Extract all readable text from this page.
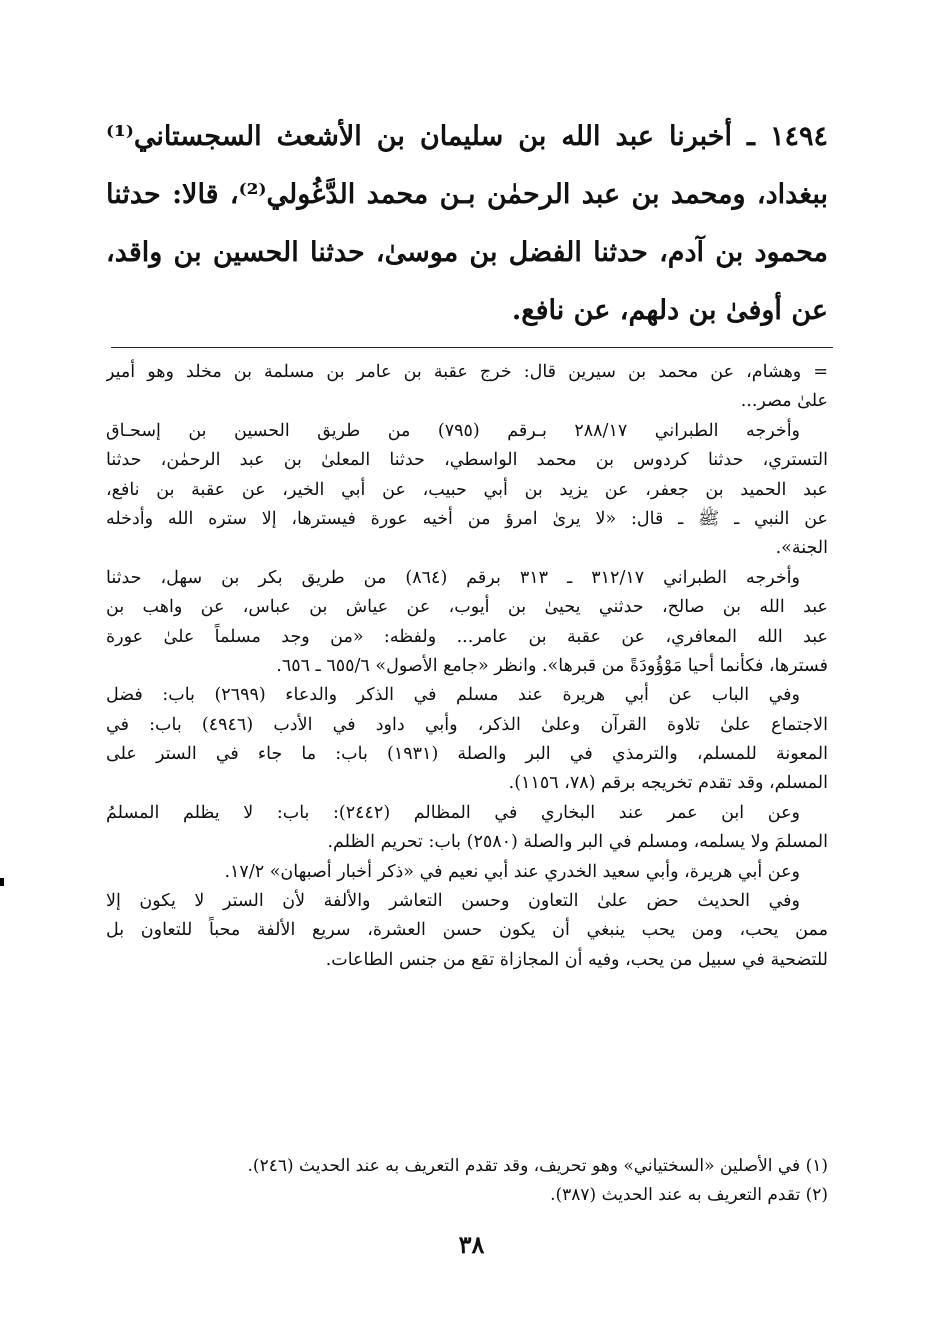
١٤٩٤ ـ أخبرنا عبد الله بن سليمان بن الأشعث السجستاني⁽¹⁾
ببغداد، ومحمد بن عبد الرحمٰن بـن محمد الدَّغُولي⁽²⁾، قالا: حدثنا
محمود بن آدم، حدثنا الفضل بن موسىٰ، حدثنا الحسين بن واقد،
عن أوفىٰ بن دلهم، عن نافع.
= وهشام، عن محمد بن سيرين قال: خرج عقبة بن عامر بن مسلمة بن مخلد وهو أمير
علىٰ مصر...
وأخرجه الطبراني ٢٨٨/١٧ بـرقم (٧٩٥) من طريق الحسين بن إسحـاق
التستري، حدثنا كردوس بن محمد الواسطي، حدثنا المعلىٰ بن عبد الرحمٰن، حدثنا
عبد الحميد بن جعفر، عن يزيد بن أبي حبيب، عن أبي الخير، عن عقبة بن نافع،
عن النبي ـ ﷺ ـ قال: «لا يرىٰ امرؤ من أخيه عورة فيسترها، إلا ستره الله وأدخله
الجنة».
وأخرجه الطبراني ٣١٢/١٧ ـ ٣١٣ برقم (٨٦٤) من طريق بكر بن سهل، حدثنا
عبد الله بن صالح، حدثني يحيىٰ بن أيوب، عن عياش بن عباس، عن واهب بن
عبد الله المعافري، عن عقبة بن عامر... ولفظه: «من وجد مسلماً علىٰ عورة
فسترها، فكأنما أحيا مَوْؤُودَةً من قبرها». وانظر «جامع الأصول» ٦٥٥/٦ ـ ٦٥٦.
وفي الباب عن أبي هريرة عند مسلم في الذكر والدعاء (٢٦٩٩) باب: فضل
الاجتماع علىٰ تلاوة القرآن وعلىٰ الذكر، وأبي داود في الأدب (٤٩٤٦) باب: في
المعونة للمسلم، والترمذي في البر والصلة (١٩٣١) باب: ما جاء في الستر على
المسلم، وقد تقدم تخريجه برقم (٧٨، ١١٥٦).
وعن ابن عمر عند البخاري في المظالم (٢٤٤٢): باب: لا يظلم المسلمُ
المسلمَ ولا يسلمه، ومسلم في البر والصلة (٢٥٨٠) باب: تحريم الظلم.
وعن أبي هريرة، وأبي سعيد الخدري عند أبي نعيم في «ذكر أخبار أصبهان» ١٧/٢.
وفي الحديث حض علىٰ التعاون وحسن التعاشر والألفة لأن الستر لا يكون إلا
ممن يحب، ومن يحب ينبغي أن يكون حسن العشرة، سريع الألفة محباً للتعاون بل
للتضحية في سبيل من يحب، وفيه أن المجازاة تقع من جنس الطاعات.
(١) في الأصلين «السختياني» وهو تحريف، وقد تقدم التعريف به عند الحديث (٢٤٦).
(٢) تقدم التعريف به عند الحديث (٣٨٧).
٣٨
